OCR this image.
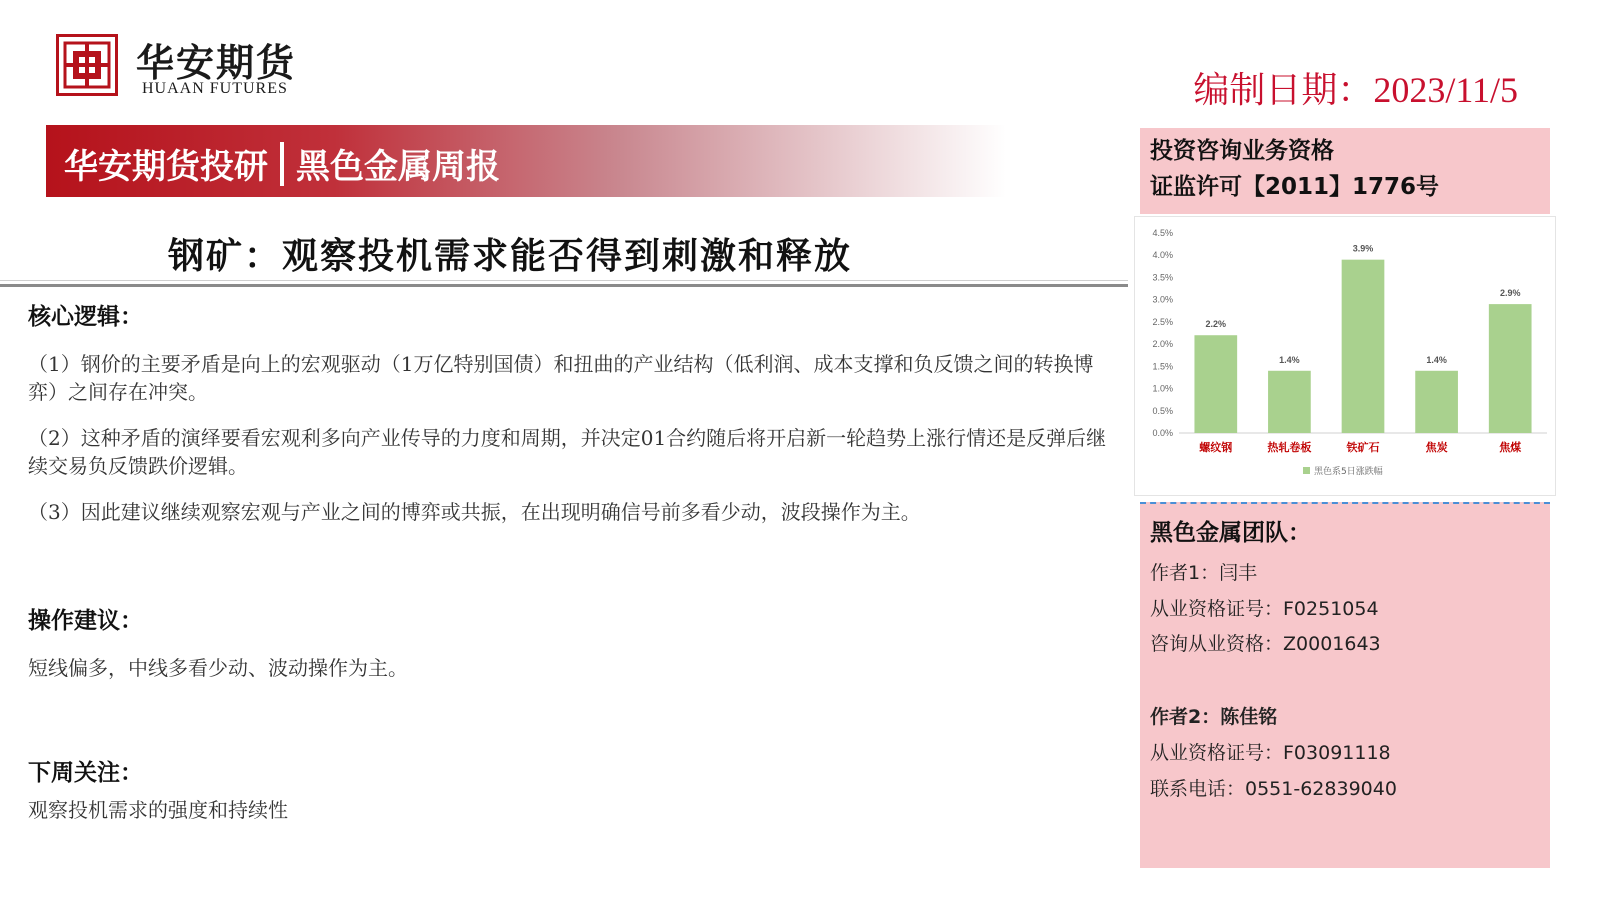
华安期货
HUAAN FUTURES	编制日期：2023/11/5
华安期货投研 黑色金属周报
钢矿：观察投机需求能否得到刺激和释放
核心逻辑：
（1）钢价的主要矛盾是向上的宏观驱动（1万亿特别国债）和扭曲的产业结构（低利润、成本支撑和负反馈之间的转换博弈）之间存在冲突。
（2）这种矛盾的演绎要看宏观利多向产业传导的力度和周期，并决定01合约随后将开启新一轮趋势上涨行情还是反弹后继续交易负反馈跌价逻辑。
（3）因此建议继续观察宏观与产业之间的博弈或共振，在出现明确信号前多看少动，波段操作为主。
操作建议：
短线偏多，中线多看少动、波动操作为主。
下周关注：
观察投机需求的强度和持续性
投资咨询业务资格
证监许可【2011】1776号
0.0%
0.5%
1.0%
1.5%
2.0%
2.5%
3.0%
3.5%
4.0%
4.5%
2.2%
螺纹钢
1.4%
热轧卷板
3.9%
铁矿石
1.4%
焦炭
2.9%
焦煤
黑色系5日涨跌幅
黑色金属团队：
作者1：闫丰
从业资格证号：F0251054
咨询从业资格：Z0001643
作者2：陈佳铭
从业资格证号：F03091118
联系电话：0551-62839040
